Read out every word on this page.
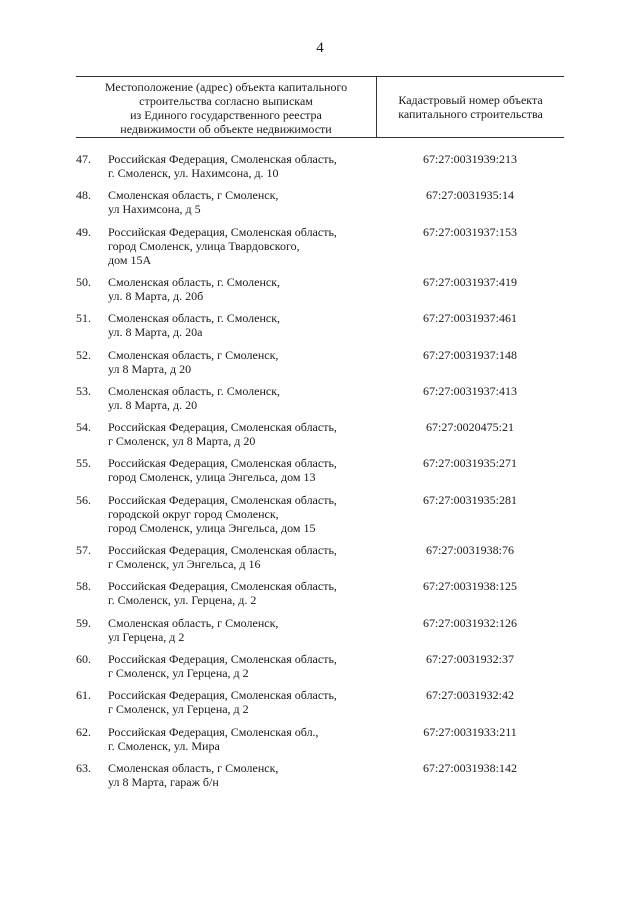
4
Местоположение (адрес) объекта капитального
строительства согласно выпискам
из Единого государственного реестра
недвижимости об объекте недвижимости
Кадастровый номер объекта
капитального строительства
47.	Российская Федерация, Смоленская область,
г. Смоленск, ул. Нахимсона, д. 10
67:27:0031939:213
48.	Смоленская область, г Смоленск,
ул Нахимсона, д 5
67:27:0031935:14
49.	Российская Федерация, Смоленская область,
город Смоленск, улица Твардовского,
дом 15А
67:27:0031937:153
50.	Смоленская область, г. Смоленск,
ул. 8 Марта, д. 20б
67:27:0031937:419
51.	Смоленская область, г. Смоленск,
ул. 8 Марта, д. 20а
67:27:0031937:461
52.	Смоленская область, г Смоленск,
ул 8 Марта, д 20
67:27:0031937:148
53.	Смоленская область, г. Смоленск,
ул. 8 Марта, д. 20
67:27:0031937:413
54.	Российская Федерация, Смоленская область,
г Смоленск, ул 8 Марта, д 20
67:27:0020475:21
55.	Российская Федерация, Смоленская область,
город Смоленск, улица Энгельса, дом 13
67:27:0031935:271
56.	Российская Федерация, Смоленская область,
городской округ город Смоленск,
город Смоленск, улица Энгельса, дом 15
67:27:0031935:281
57.	Российская Федерация, Смоленская область,
г Смоленск, ул Энгельса, д 16
67:27:0031938:76
58.	Российская Федерация, Смоленская область,
г. Смоленск, ул. Герцена, д. 2
67:27:0031938:125
59.	Смоленская область, г Смоленск,
ул Герцена, д 2
67:27:0031932:126
60.	Российская Федерация, Смоленская область,
г Смоленск, ул Герцена, д 2
67:27:0031932:37
61.	Российская Федерация, Смоленская область,
г Смоленск, ул Герцена, д 2
67:27:0031932:42
62.	Российская Федерация, Смоленская обл.,
г. Смоленск, ул. Мира
67:27:0031933:211
63.	Смоленская область, г Смоленск,
ул 8 Марта, гараж б/н
67:27:0031938:142
